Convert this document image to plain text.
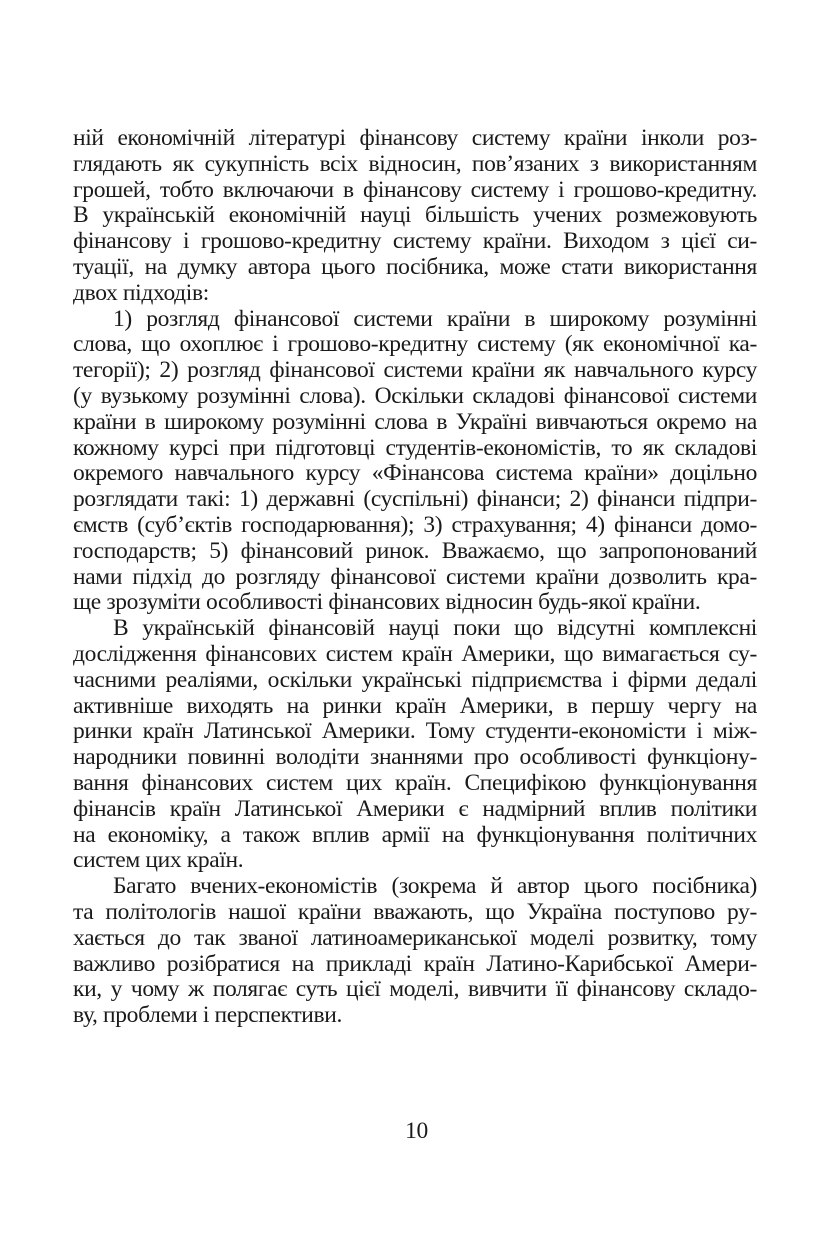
ній економічній літературі фінансову систему країни інколи роз-
глядають як сукупність всіх відносин, пов’язаних з використанням
грошей, тобто включаючи в фінансову систему і грошово-кредитну.
В українській економічній науці більшість учених розмежовують
фінансову і грошово-кредитну систему країни. Виходом з цієї си-
туації, на думку автора цього посібника, може стати використання
двох підходів:
1) розгляд фінансової системи країни в широкому розумінні
слова, що охоплює і грошово-кредитну систему (як економічної ка-
тегорії); 2) розгляд фінансової системи країни як навчального курсу
(у вузькому розумінні слова). Оскільки складові фінансової системи
країни в широкому розумінні слова в Україні вивчаються окремо на
кожному курсі при підготовці студентів-економістів, то як складові
окремого навчального курсу «Фінансова система країни» доцільно
розглядати такі: 1) державні (суспільні) фінанси; 2) фінанси підпри-
ємств (суб’єктів господарювання); 3) страхування; 4) фінанси домо-
господарств; 5) фінансовий ринок. Вважаємо, що запропонований
нами підхід до розгляду фінансової системи країни дозволить кра-
ще зрозуміти особливості фінансових відносин будь-якої країни.
В українській фінансовій науці поки що відсутні комплексні
дослідження фінансових систем країн Америки, що вимагається су-
часними реаліями, оскільки українські підприємства і фірми дедалі
активніше виходять на ринки країн Америки, в першу чергу на
ринки країн Латинської Америки. Тому студенти-економісти і між-
народники повинні володіти знаннями про особливості функціону-
вання фінансових систем цих країн. Специфікою функціонування
фінансів країн Латинської Америки є надмірний вплив політики
на економіку, а також вплив армії на функціонування політичних
систем цих країн.
Багато вчених-економістів (зокрема й автор цього посібника)
та політологів нашої країни вважають, що Україна поступово ру-
хається до так званої латиноамериканської моделі розвитку, тому
важливо розібратися на прикладі країн Латино-Карибської Амери-
ки, у чому ж полягає суть цієї моделі, вивчити її фінансову складо-
ву, проблеми і перспективи.
10
